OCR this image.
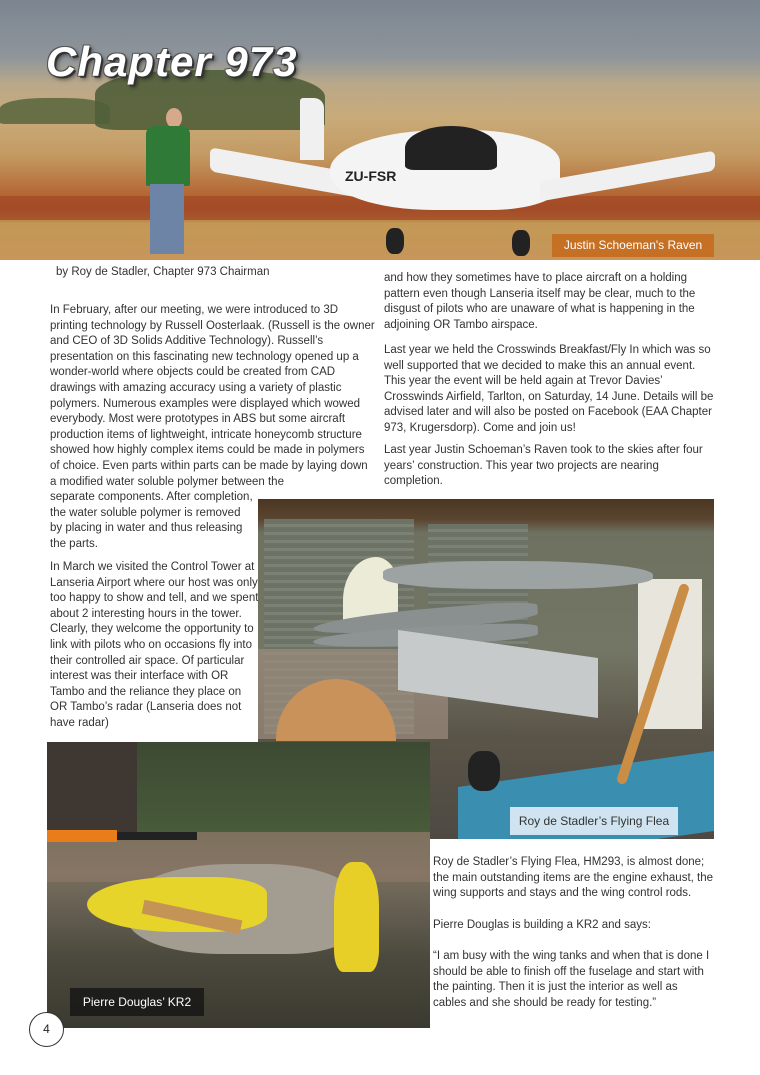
ZU-FSR
Chapter 973
Justin Schoeman's Raven
by Roy de Stadler, Chapter 973 Chairman

In February, after our meeting, we were introduced to 3D printing technology by Russell Oosterlaak. (Russell is the owner and CEO of 3D Solids Additive Technology). Russell’s presentation on this fascinating new technology opened up a wonder-world where objects could be created from CAD drawings with amazing accuracy using a variety of plastic polymers. Numerous examples were displayed which wowed everybody. Most were prototypes in ABS but some aircraft production items of lightweight, intricate honeycomb structure showed how highly complex items could be made in polymers of choice. Even parts within parts can be made by laying down a modified water soluble polymer between the

separate components. After completion, the water soluble polymer is removed by placing in water and thus releasing the parts.

In March we visited the Control Tower at Lanseria Airport where our host was only too happy to show and tell, and we spent about 2 interesting hours in the tower. Clearly, they welcome the opportunity to link with pilots who on occasions fly into their controlled air space. Of particular interest was their interface with OR Tambo and the reliance they place on OR Tambo’s radar (Lanseria does not have radar)

and how they sometimes have to place aircraft on a holding pattern even though Lanseria itself may be clear, much to the disgust of pilots who are unaware of what is happening in the adjoining OR Tambo airspace.

Last year we held the Crosswinds Breakfast/Fly In which was so well supported that we decided to make this an annual event. This year the event will be held again at Trevor Davies’ Crosswinds Airfield, Tarlton, on Saturday, 14 June. Details will be advised later and will also be posted on Facebook (EAA Chapter 973, Krugersdorp). Come and join us!

Last year Justin Schoeman’s Raven took to the skies after four years’ construction. This year two projects are nearing completion.

Roy de Stadler’s Flying Flea
Pierre Douglas’ KR2

Roy de Stadler’s Flying Flea, HM293, is almost done; the main outstanding items are the engine exhaust, the wing supports and stays and the wing control rods.

Pierre Douglas is building a KR2 and says:

“I am busy with the wing tanks and when that is done I should be able to finish off the fuselage and start with the painting. Then it is just the interior as well as cables and she should be ready for testing.”

4
